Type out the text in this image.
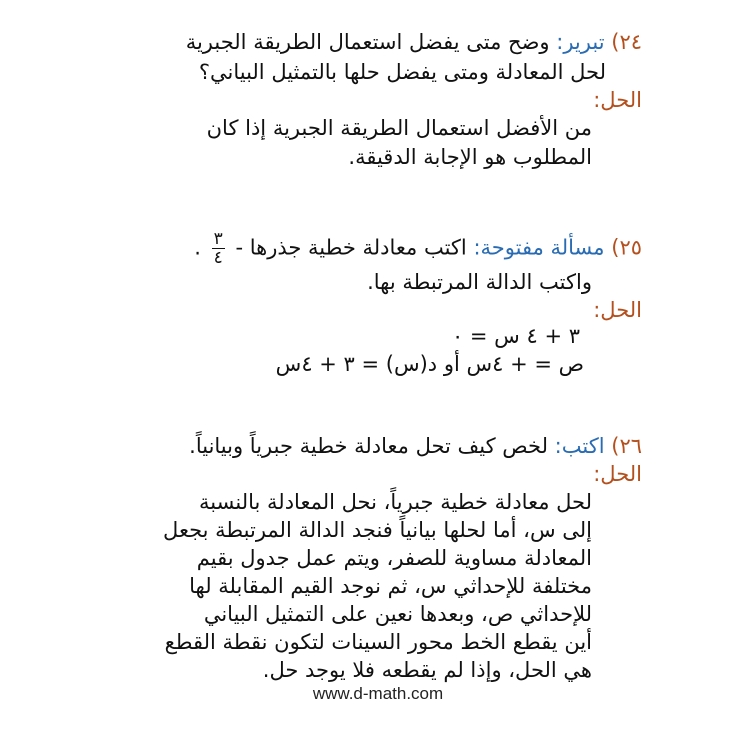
٢٤) تبرير: وضح متى يفضل استعمال الطريقة الجبرية
لحل المعادلة ومتى يفضل حلها بالتمثيل البياني؟
الحل:
من الأفضل استعمال الطريقة الجبرية إذا كان
المطلوب هو الإجابة الدقيقة.
٢٥) مسألة مفتوحة: اكتب معادلة خطية جذرها -
$\frac{٣}{٤}$
.
واكتب الدالة المرتبطة بها.
الحل:
٣ + ٤ س = ٠
ص = + ٤س أو د(س) = ٣ + ٤س
٢٦) اكتب: لخص كيف تحل معادلة خطية جبرياً وبيانياً.
الحل:
لحل معادلة خطية جبرياً، نحل المعادلة بالنسبة
إلى س، أما لحلها بيانياً فنجد الدالة المرتبطة بجعل
المعادلة مساوية للصفر، ويتم عمل جدول بقيم
مختلفة للإحداثي س، ثم نوجد القيم المقابلة لها
للإحداثي ص، وبعدها نعين على التمثيل البياني
أين يقطع الخط محور السينات لتكون نقطة القطع
هي الحل، وإذا لم يقطعه فلا يوجد حل.
www.d-math.com
